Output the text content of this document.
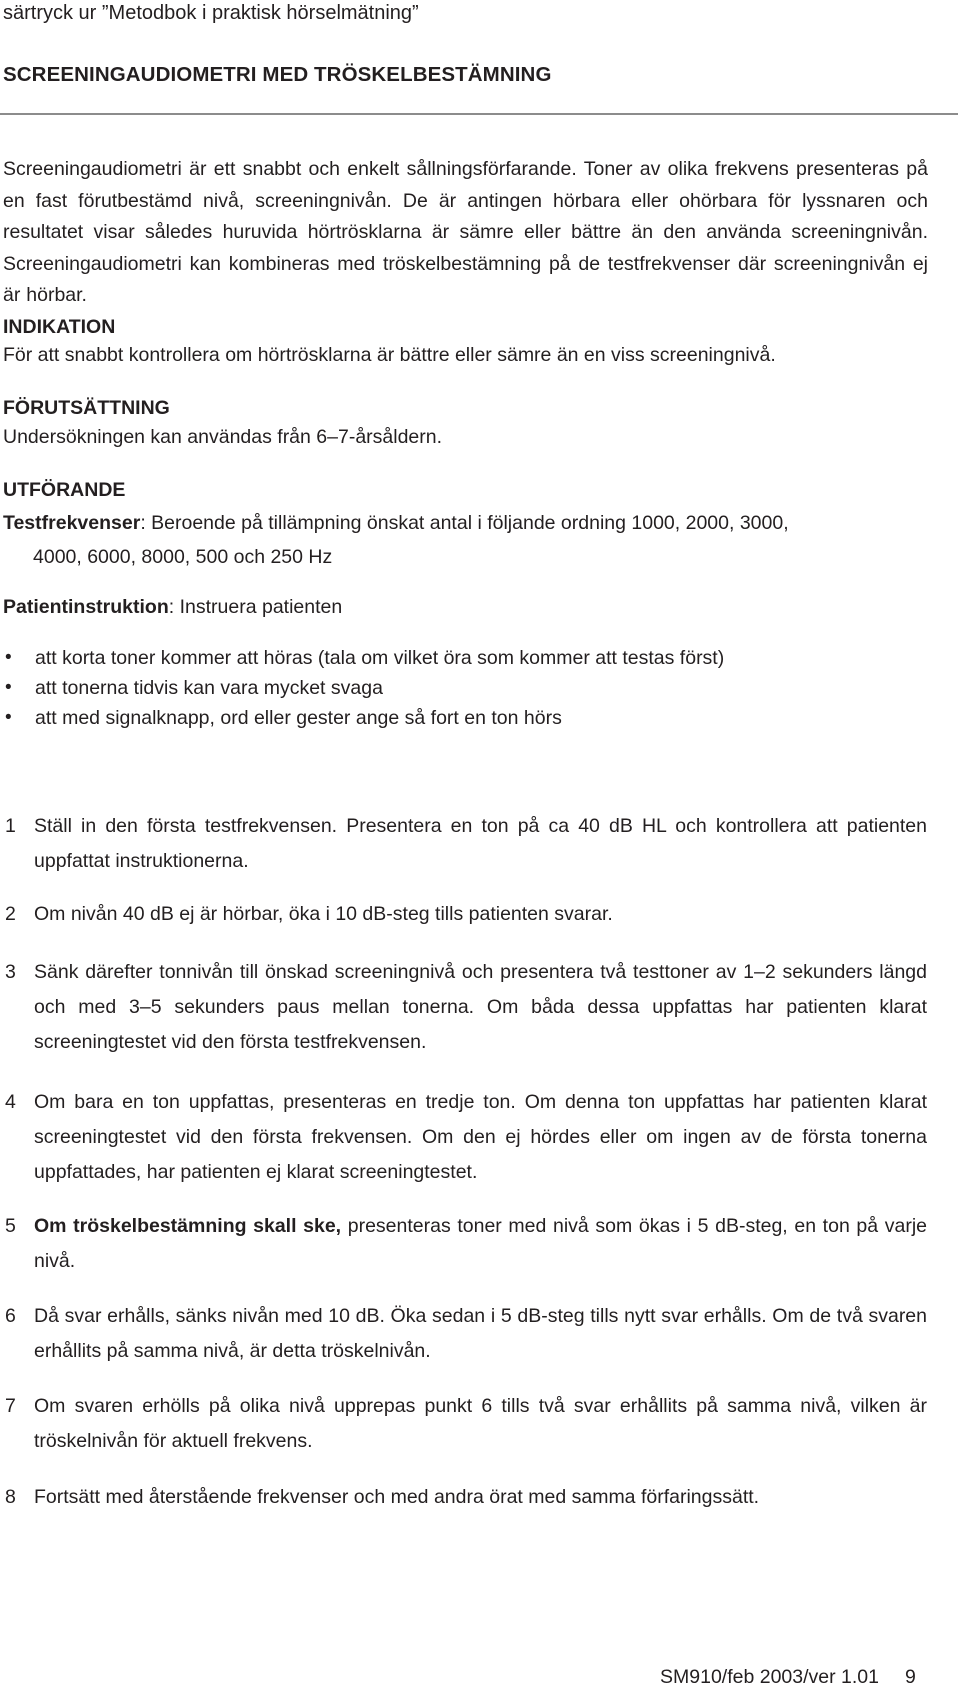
särtryck ur ”Metodbok i praktisk hörselmätning”
SCREENINGAUDIOMETRI MED TRÖSKELBESTÄMNING
Screeningaudiometri är ett snabbt och enkelt sållningsförfarande. Toner av olika frekvens presenteras på en fast förutbestämd nivå, screeningnivån. De är antingen hörbara eller ohörbara för lyssnaren och resultatet visar således huruvida hörtrösklarna är sämre eller bättre än den använda screeningnivån. Screeningaudiometri kan kombineras med tröskelbestämning på de testfrekvenser där screeningnivån ej är hörbar.
INDIKATION
För att snabbt kontrollera om hörtrösklarna är bättre eller sämre än en viss screeningnivå.
FÖRUTSÄTTNING
Undersökningen kan användas från 6–7-årsåldern.
UTFÖRANDE
Testfrekvenser: Beroende på tillämpning önskat antal i följande ordning 1000, 2000, 3000,
4000, 6000, 8000, 500 och 250 Hz
Patientinstruktion: Instruera patienten
• att korta toner kommer att höras (tala om vilket öra som kommer att testas först)
• att tonerna tidvis kan vara mycket svaga
• att med signalknapp, ord eller gester ange så fort en ton hörs
1 Ställ in den första testfrekvensen. Presentera en ton på ca 40 dB HL och kontrollera att patienten uppfattat instruktionerna.
2 Om nivån 40 dB ej är hörbar, öka i 10 dB-steg tills patienten svarar.
3 Sänk därefter tonnivån till önskad screeningnivå och presentera två testtoner av 1–2 sekunders längd och med 3–5 sekunders paus mellan tonerna. Om båda dessa uppfattas har patienten klarat screeningtestet vid den första testfrekvensen.
4 Om bara en ton uppfattas, presenteras en tredje ton. Om denna ton uppfattas har patienten klarat screeningtestet vid den första frekvensen. Om den ej hördes eller om ingen av de första tonerna uppfattades, har patienten ej klarat screeningtestet.
5 Om tröskelbestämning skall ske, presenteras toner med nivå som ökas i 5 dB-steg, en ton på varje nivå.
6 Då svar erhålls, sänks nivån med 10 dB. Öka sedan i 5 dB-steg tills nytt svar erhålls. Om de två svaren erhållits på samma nivå, är detta tröskelnivån.
7 Om svaren erhölls på olika nivå upprepas punkt 6 tills två svar erhållits på samma nivå, vilken är tröskelnivån för aktuell frekvens.
8 Fortsätt med återstående frekvenser och med andra örat med samma förfaringssätt.
SM910/feb 2003/ver 1.01 9
